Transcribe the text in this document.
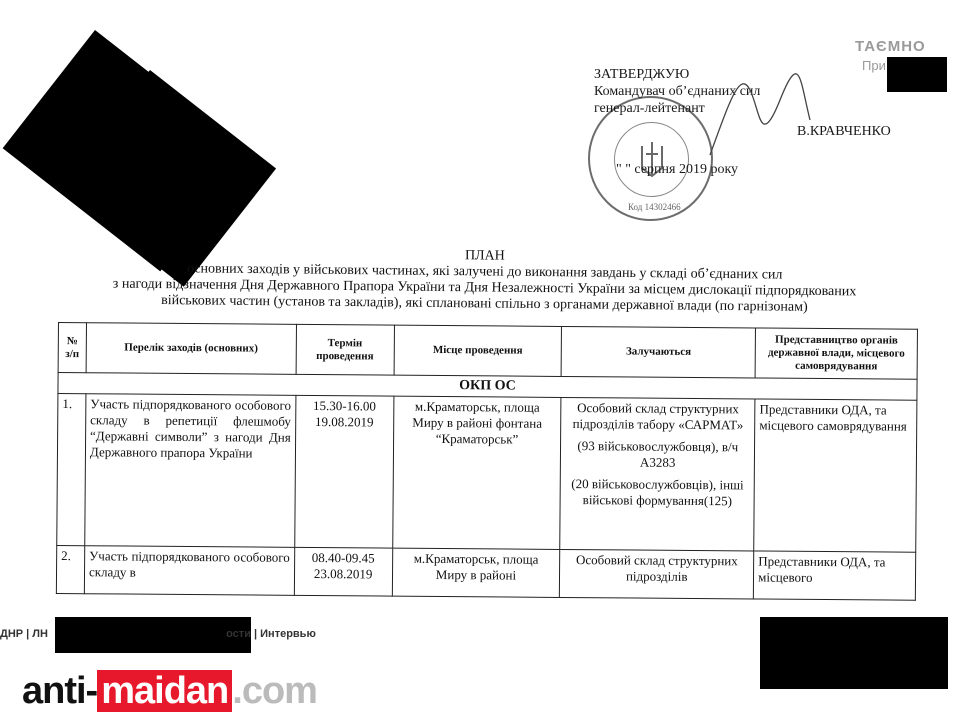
ТАЄМНО
При
Код 14302466
ЗАТВЕРДЖУЮ
Командувач об’єднаних сил
генерал-лейтенант
" " серпня 2019 року
В.КРАВЧЕНКО
ПЛАН
основних заходів у військових частинах, які залучені до виконання завдань у складі об’єднаних сил
з нагоди відзначення Дня Державного Прапора України та Дня Незалежності України за місцем дислокації підпорядкованих
військових частин (установ та закладів), які сплановані спільно з органами державної влади (по гарнізонам)
№ з/п	Перелік заходів (основних)	Термін проведення	Місце проведення	Залучаються	Представництво органів державної влади, місцевого самоврядування
ОКП ОС					
1.	Участь підпорядкованого особового складу в репетиції флешмобу “Державні символи” з нагоди Дня Державного прапора України	15.30-16.00 19.08.2019	м.Краматорськ, площа Миру в районі фонтана “Краматорськ”	Особовий склад структурних підрозділів табору «САРМАТ»

(93 військовослужбовця), в/ч А3283

(20 військовослужбовців), інші військові формування(125)	Представники ОДА, та місцевого самоврядування
2.	Участь підпорядкованого особового складу в	08.40-09.45 23.08.2019	м.Краматорськ, площа Миру в районі	Особовий склад структурних підрозділів	Представники ОДА, та місцевого
ДНР | ЛН	ости | Интервью
anti- maidan .com
